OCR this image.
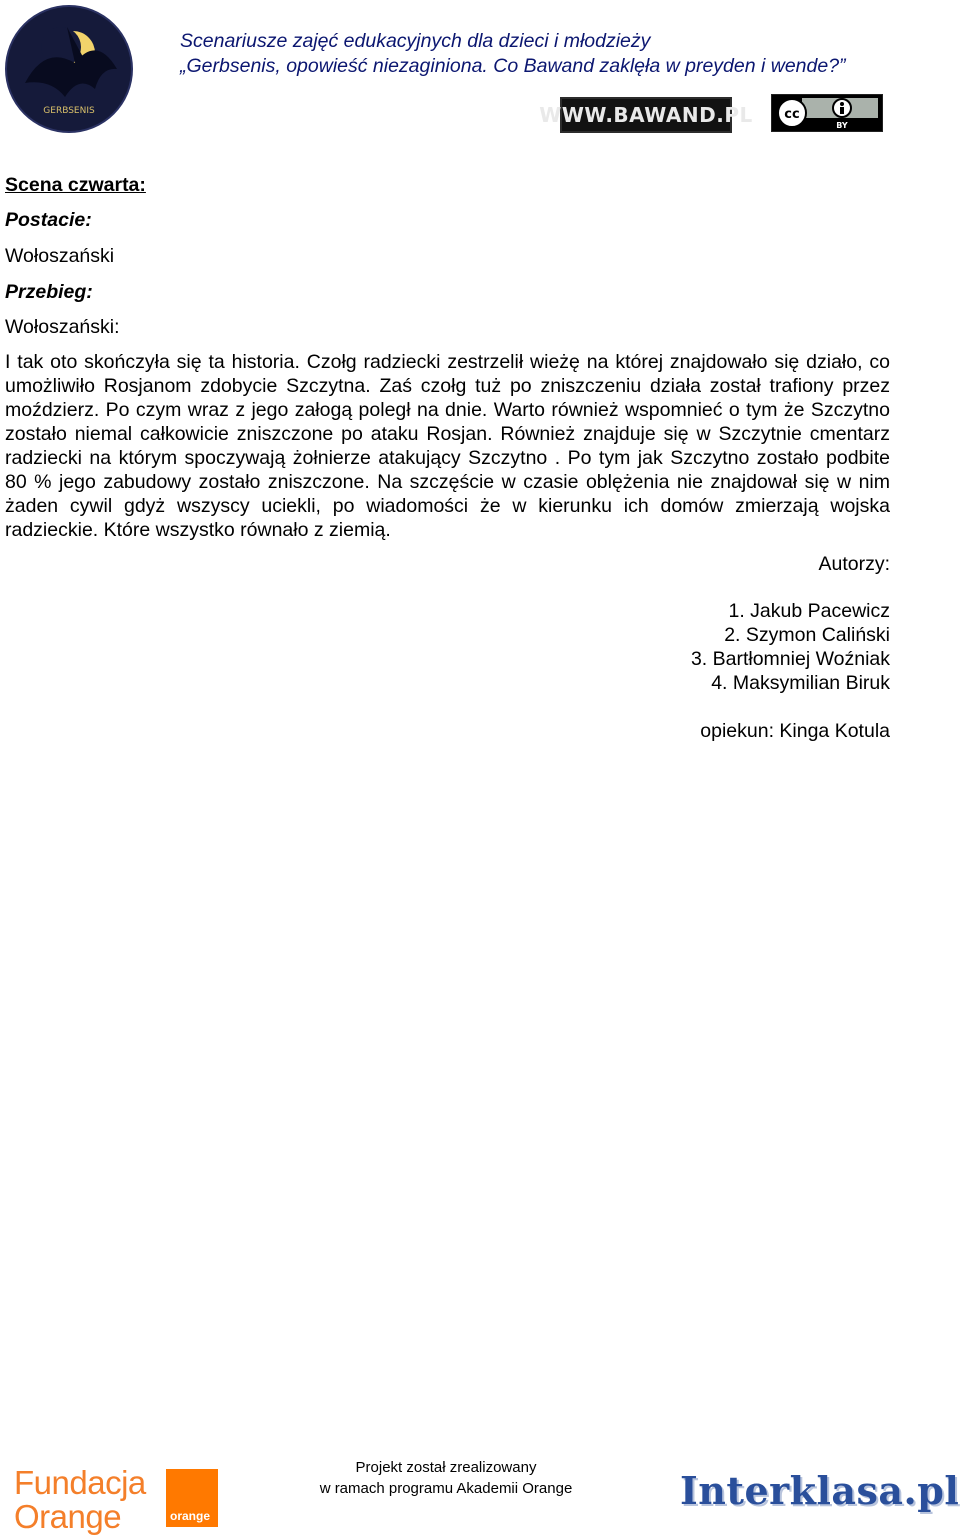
GERBSENIS
Scenariusze zajęć edukacyjnych dla dzieci i młodzieży
„Gerbsenis, opowieść niezaginiona. Co Bawand zaklęła w preyden i wende?”
WWW.BAWAND.PL cc
BY
Scena czwarta:
Postacie:
Wołoszański
Przebieg:
Wołoszański:

I tak oto skończyła się ta historia. Czołg radziecki zestrzelił wieżę na której znajdowało się działo, co umożliwiło Rosjanom zdobycie Szczytna. Zaś czołg tuż po zniszczeniu działa został trafiony przez moździerz. Po czym wraz z jego załogą poległ na dnie. Warto również wspomnieć o tym że Szczytno zostało niemal całkowicie zniszczone po ataku Rosjan. Również znajduje się w Szczytnie cmentarz radziecki na którym spoczywają żołnierze atakujący Szczytno . Po tym jak Szczytno zostało podbite 80 % jego zabudowy zostało zniszczone. Na szczęście w czasie oblężenia nie znajdował się w nim żaden cywil gdyż wszyscy uciekli, po wiadomości że w kierunku ich domów zmierzają wojska radzieckie. Które wszystko równało z ziemią.

Autorzy:

1. Jakub Pacewicz
2. Szymon Caliński
3. Bartłomniej Woźniak
4. Maksymilian Biruk

opiekun: Kinga Kotula

Fundacja
Orange	orange
Projekt został zrealizowany
w ramach programu Akademii Orange	Interklasa.pl
